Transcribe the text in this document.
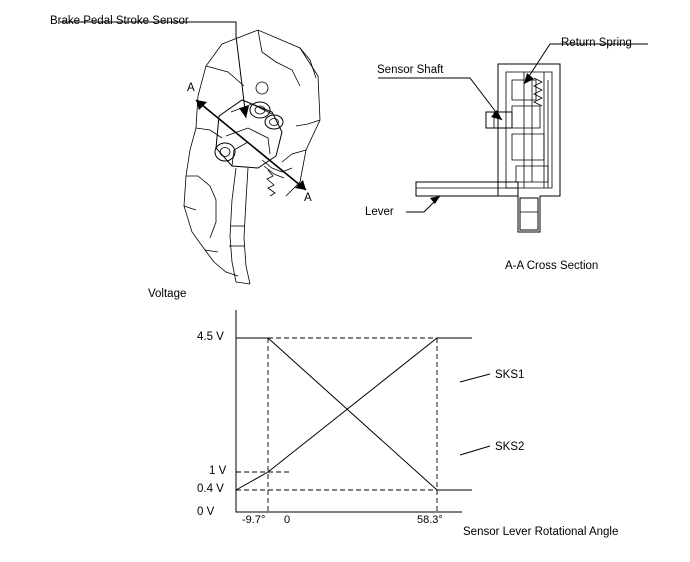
Brake Pedal Stroke Sensor
A
A
Sensor Shaft
Return Spring
Lever
A-A Cross Section
Voltage
Sensor Lever Rotational Angle
4.5 V
1 V
0.4 V
0 V
-9.7° 0	58.3°
SKS1
SKS2
